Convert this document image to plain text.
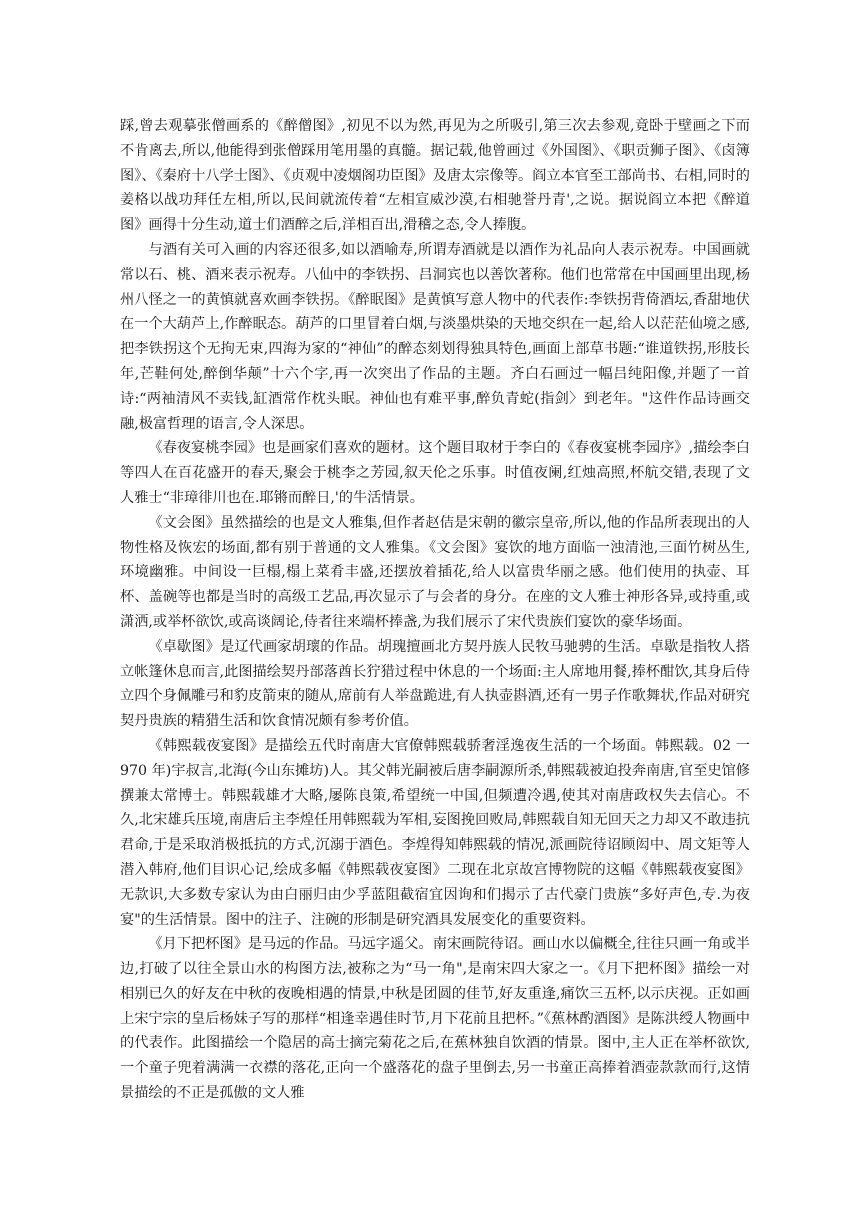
踩,曾去观摹张僧画系的《醉僧图》,初见不以为然,再见为之所吸引,第三次去参观,竟卧于壁画之下而不肯离去,所以,他能得到张僧踩用笔用墨的真髓。据记载,他曾画过《外国图》、《职贡狮子图》、《卤簿图》、《秦府十八学士图》、《贞观中凌烟阁功臣图》及唐太宗像等。阎立本官至工部尚书、右相,同时的姜格以战功拜任左相,所以,民间就流传着“左相宣威沙漠,右相驰誉丹青',之说。据说阎立本把《醉道图》画得十分生动,道士们酒醉之后,洋相百出,滑稽之态,令人捧腹。

与酒有关可入画的内容还很多,如以酒喻寿,所谓寿酒就是以酒作为礼品向人表示祝寿。中国画就常以石、桃、酒来表示祝寿。八仙中的李铁拐、吕洞宾也以善饮著称。他们也常常在中国画里出现,杨州八怪之一的黄慎就喜欢画李铁拐。《醉眠图》是黄慎写意人物中的代表作:李铁拐背倚酒坛,香甜地伏在一个大葫芦上,作醉眠态。葫芦的口里冒着白烟,与淡墨烘染的天地交织在一起,给人以茫茫仙境之感,把李铁拐这个无拘无束,四海为家的“神仙”的醉态刻划得独具特色,画面上部草书题:“谁道铁拐,形肢长年,芒鞋何处,醉倒华颠”十六个字,再一次突出了作品的主题。齐白石画过一幅吕纯阳像,并题了一首诗:“两袖清风不卖钱,缸酒常作枕头眠。神仙也有难平事,醉负青蛇(指剑〉到老年。"这件作品诗画交融,极富哲理的语言,令人深思。

《春夜宴桃李园》也是画家们喜欢的题材。这个题目取材于李白的《春夜宴桃李园序》,描绘李白等四人在百花盛开的春天,聚会于桃李之芳园,叙天伦之乐事。时值夜阑,红烛高照,杯航交错,表现了文人雅士“非璋徘川也在.耶锵而醉日,'的牛活情景。

《文会图》虽然描绘的也是文人雅集,但作者赵佶是宋朝的徽宗皇帝,所以,他的作品所表现出的人物性格及恢宏的场面,都有别于普通的文人雅集。《文会图》宴饮的地方面临一浊清池,三面竹树丛生,环境幽雅。中间设一巨榻,榻上菜肴丰盛,还摆放着插花,给人以富贵华丽之感。他们使用的执壶、耳杯、盖碗等也都是当时的高级工艺品,再次显示了与会者的身分。在座的文人雅士神形各异,或持重,或潇洒,或举杯欲饮,或高谈阔论,侍者往来端杯捧盏,为我们展示了宋代贵族们宴饮的豪华场面。

《卓歇图》是辽代画家胡瓌的作品。胡瑰擅画北方契丹族人民牧马驰骋的生活。卓歇是指牧人搭立帐篷休息而言,此图描绘契丹部落酋长狞猎过程中休息的一个场面:主人席地用餐,捧杯酣饮,其身后侍立四个身佩雕弓和豹皮箭束的随从,席前有人举盘跪进,有人执壶斟酒,还有一男子作歌舞状,作品对研究契丹贵族的精猎生活和饮食情况颇有参考价值。

《韩熙载夜宴图》是描绘五代时南唐大官僚韩熙载骄奢淫逸夜生活的一个场面。韩熙载。02 一 970 年)宇叔言,北海(今山东摊坊)人。其父韩光嗣被后唐李嗣源所杀,韩熙载被迫投奔南唐,官至史馆修撰兼太常博士。韩熙载雄才大略,屡陈良策,希望统一中国,但频遭冷遇,使其对南唐政权失去信心。不久,北宋雄兵压境,南唐后主李煌任用韩熙载为军相,妄图挽回败局,韩熙载自知无回天之力却又不敢违抗君命,于是采取消极抵抗的方式,沉溺于酒色。李煌得知韩熙载的情况,派画院待诏顾闳中、周文矩等人潜入韩府,他们目识心记,绘成多幅《韩熙载夜宴图》二现在北京故宫博物院的这幅《韩熙载夜宴图》无款识,大多数专家认为由白丽归由少孚蓝阻截宿宜因询和们揭示了古代豪门贵族“多好声色,专.为夜宴"的生活情景。图中的注子、注碗的形制是研究酒具发展变化的重要资料。

《月下把杯图》是马远的作品。马远字遥父。南宋画院待诏。画山水以偏概全,往往只画一角或半边,打破了以往全景山水的构图方法,被称之为“马一角",是南宋四大家之一。《月下把杯图》描绘一对相别已久的好友在中秋的夜晚相遇的情景,中秋是团圆的佳节,好友重逢,痛饮三五杯,以示庆视。正如画上宋宁宗的皇后杨妹子写的那样“相逢幸遇佳时节,月下花前且把杯。”《蕉林酌酒图》是陈洪绶人物画中的代表作。此图描绘一个隐居的高士摘完菊花之后,在蕉林独自饮酒的情景。图中,主人正在举杯欲饮,一个童子兜着满满一衣襟的落花,正向一个盛落花的盘子里倒去,另一书童正高捧着酒壶款款而行,这情景描绘的不正是孤傲的文人雅
